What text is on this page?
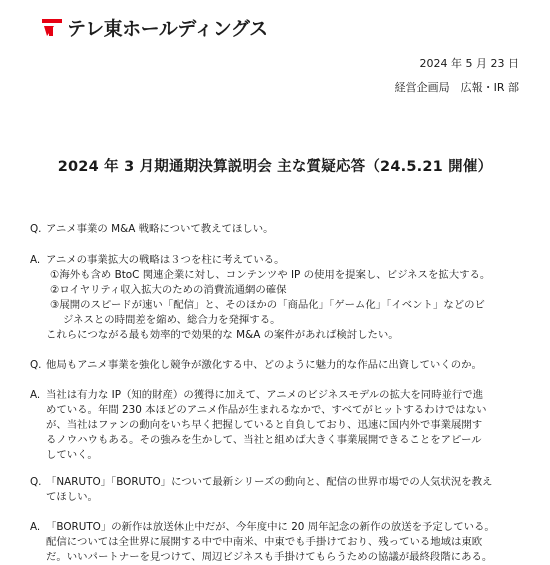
テレ東ホールディングス
2024 年 5 月 23 日
経営企画局　広報・IR 部
2024 年 3 月期通期決算説明会 主な質疑応答（24.5.21 開催）
Q. アニメ事業の M&A 戦略について教えてほしい。
A. アニメの事業拡大の戦略は３つを柱に考えている。
①海外も含め BtoC 関連企業に対し、コンテンツや IP の使用を提案し、ビジネスを拡大する。
②ロイヤリティ収入拡大のための消費流通網の確保
③展開のスピードが速い「配信」と、そのほかの「商品化」「ゲーム化」「イベント」などのビ
ジネスとの時間差を縮め、総合力を発揮する。
これらにつながる最も効率的で効果的な M&A の案件があれば検討したい。
Q. 他局もアニメ事業を強化し競争が激化する中、どのように魅力的な作品に出資していくのか。
A. 当社は有力な IP（知的財産）の獲得に加えて、アニメのビジネスモデルの拡大を同時並行で進
めている。年間 230 本ほどのアニメ作品が生まれるなかで、すべてがヒットするわけではない
が、当社はファンの動向をいち早く把握していると自負しており、迅速に国内外で事業展開す
るノウハウもある。その強みを生かして、当社と組めば大きく事業展開できることをアピール
していく。
Q. 「NARUTO」「BORUTO」について最新シリーズの動向と、配信の世界市場での人気状況を教え
てほしい。
A. 「BORUTO」の新作は放送休止中だが、今年度中に 20 周年記念の新作の放送を予定している。
配信については全世界に展開する中で中南米、中東でも手掛けており、残っている地域は東欧
だ。いいパートナーを見つけて、周辺ビジネスも手掛けてもらうための協議が最終段階にある。
